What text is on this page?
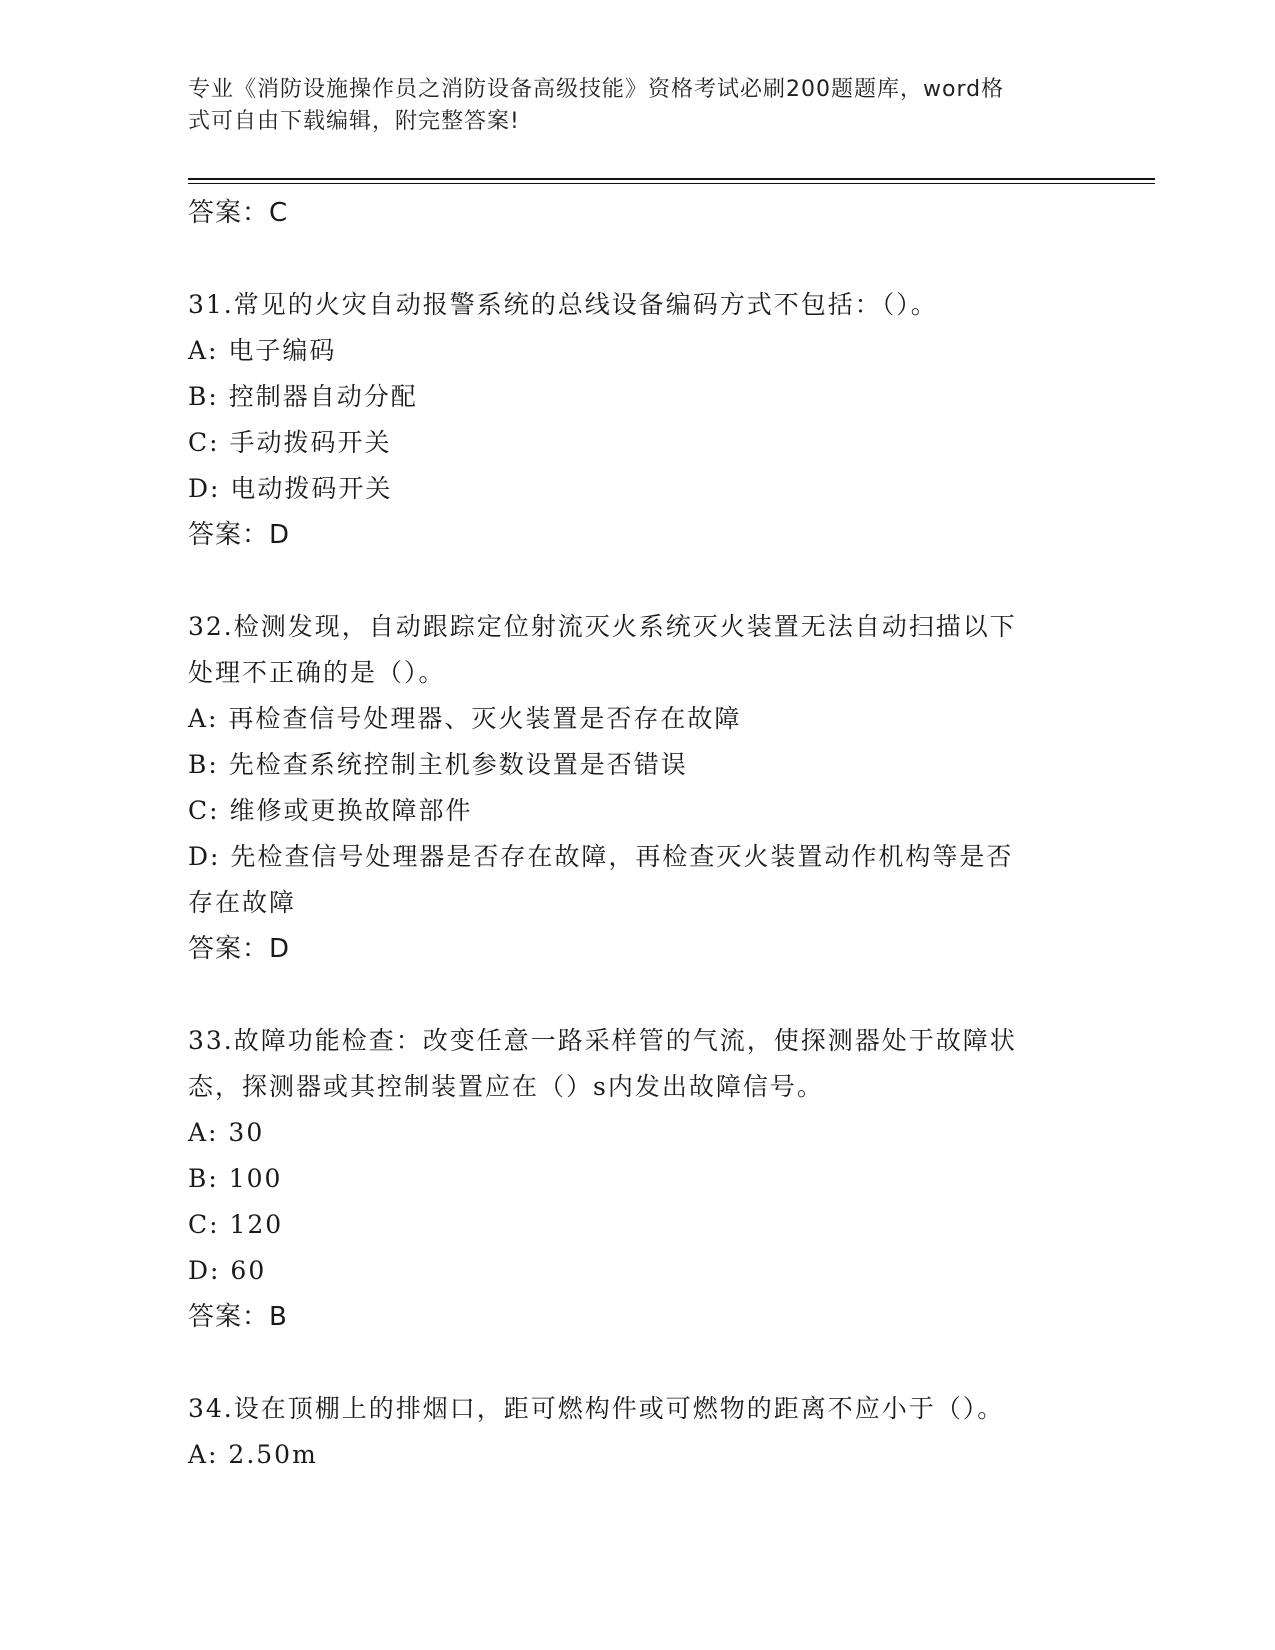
专业《消防设施操作员之消防设备高级技能》资格考试必刷200题题库，word格
式可自由下载编辑，附完整答案!
答案：C
31.常见的火灾自动报警系统的总线设备编码方式不包括：（）。
A: 电子编码
B: 控制器自动分配
C: 手动拨码开关
D: 电动拨码开关
答案：D
32.检测发现，自动跟踪定位射流灭火系统灭火装置无法自动扫描以下
处理不正确的是（）。
A: 再检查信号处理器、灭火装置是否存在故障
B: 先检查系统控制主机参数设置是否错误
C: 维修或更换故障部件
D: 先检查信号处理器是否存在故障，再检查灭火装置动作机构等是否
存在故障
答案：D
33.故障功能检查：改变任意一路采样管的气流，使探测器处于故障状
态，探测器或其控制装置应在（）s内发出故障信号。
A: 30
B: 100
C: 120
D: 60
答案：B
34.设在顶棚上的排烟口，距可燃构件或可燃物的距离不应小于（）。
A: 2.50m
